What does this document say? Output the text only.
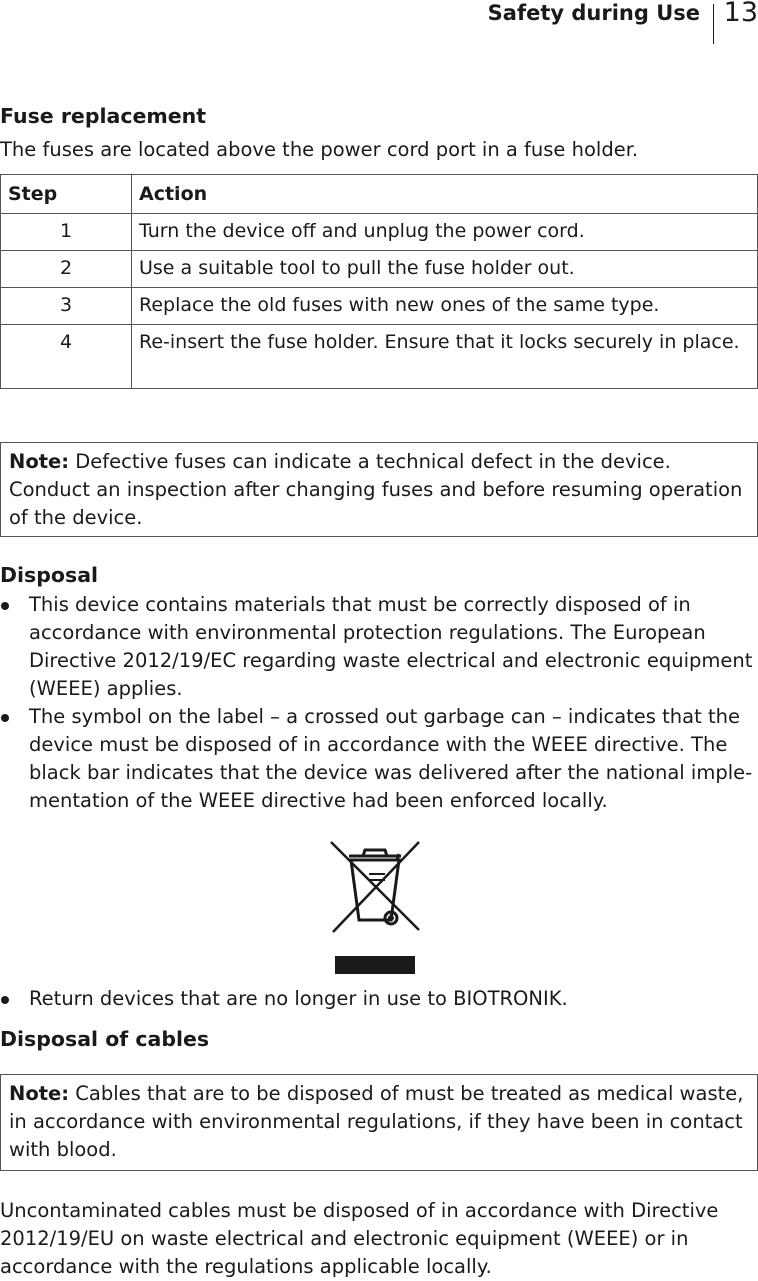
Safety during Use 13
Fuse replacement
The fuses are located above the power cord port in a fuse holder.
Step	Action
1	Turn the device off and unplug the power cord.
2	Use a suitable tool to pull the fuse holder out.
3	Replace the old fuses with new ones of the same type.
4	Re-insert the fuse holder. Ensure that it locks securely in place.
Note: Defective fuses can indicate a technical defect in the device. Conduct an inspection after changing fuses and before resuming operation of the device.
Disposal
This device contains materials that must be correctly disposed of in accordance with environmental protection regulations. The European Directive 2012/19/EC regarding waste electrical and electronic equipment (WEEE) applies.
The symbol on the label – a crossed out garbage can – indicates that the device must be disposed of in accordance with the WEEE directive. The black bar indicates that the device was delivered after the national imple-mentation of the WEEE directive had been enforced locally.
Return devices that are no longer in use to BIOTRONIK.
Disposal of cables
Note: Cables that are to be disposed of must be treated as medical waste, in accordance with environmental regulations, if they have been in contact with blood.
Uncontaminated cables must be disposed of in accordance with Directive 2012/19/EU on waste electrical and electronic equipment (WEEE) or in accordance with the regulations applicable locally.
